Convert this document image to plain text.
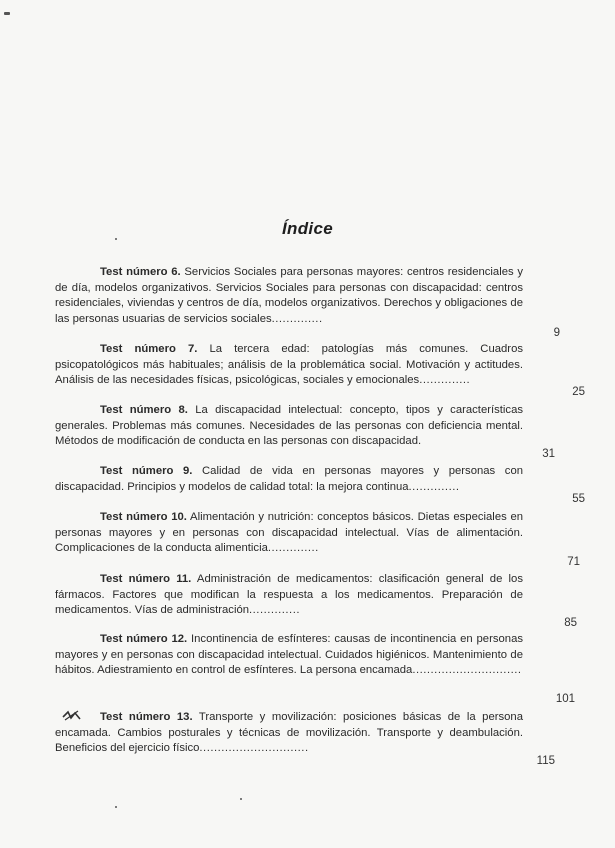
Índice

Test número 6. Servicios Sociales para personas mayores: centros residenciales y de día, modelos organizativos. Servicios Sociales para personas con discapacidad: centros residenciales, viviendas y centros de día, modelos organizativos. Derechos y obligaciones de las personas usuarias de servicios sociales..............

9

Test número 7. La tercera edad: patologías más comunes. Cuadros psicopatológicos más habituales; análisis de la problemática social. Motivación y actitudes. Análisis de las necesidades físicas, psicológicas, sociales y emocionales..............

25

Test número 8. La discapacidad intelectual: concepto, tipos y características generales. Problemas más comunes. Necesidades de las personas con deficiencia mental. Métodos de modificación de conducta en las personas con discapacidad.

31

Test número 9. Calidad de vida en personas mayores y personas con discapacidad. Principios y modelos de calidad total: la mejora continua..............

55

Test número 10. Alimentación y nutrición: conceptos básicos. Dietas especiales en personas mayores y en personas con discapacidad intelectual. Vías de alimentación. Complicaciones de la conducta alimenticia..............

71

Test número 11. Administración de medicamentos: clasificación general de los fármacos. Factores que modifican la respuesta a los medicamentos. Preparación de medicamentos. Vías de administración..............

85

Test número 12. Incontinencia de esfínteres: causas de incontinencia en personas mayores y en personas con discapacidad intelectual. Cuidados higiénicos. Mantenimiento de hábitos. Adiestramiento en control de esfínteres. La persona encamada..............................

101

Test número 13. Transporte y movilización: posiciones básicas de la persona encamada. Cambios posturales y técnicas de movilización. Transporte y deambulación. Beneficios del ejercicio físico..............................

115
